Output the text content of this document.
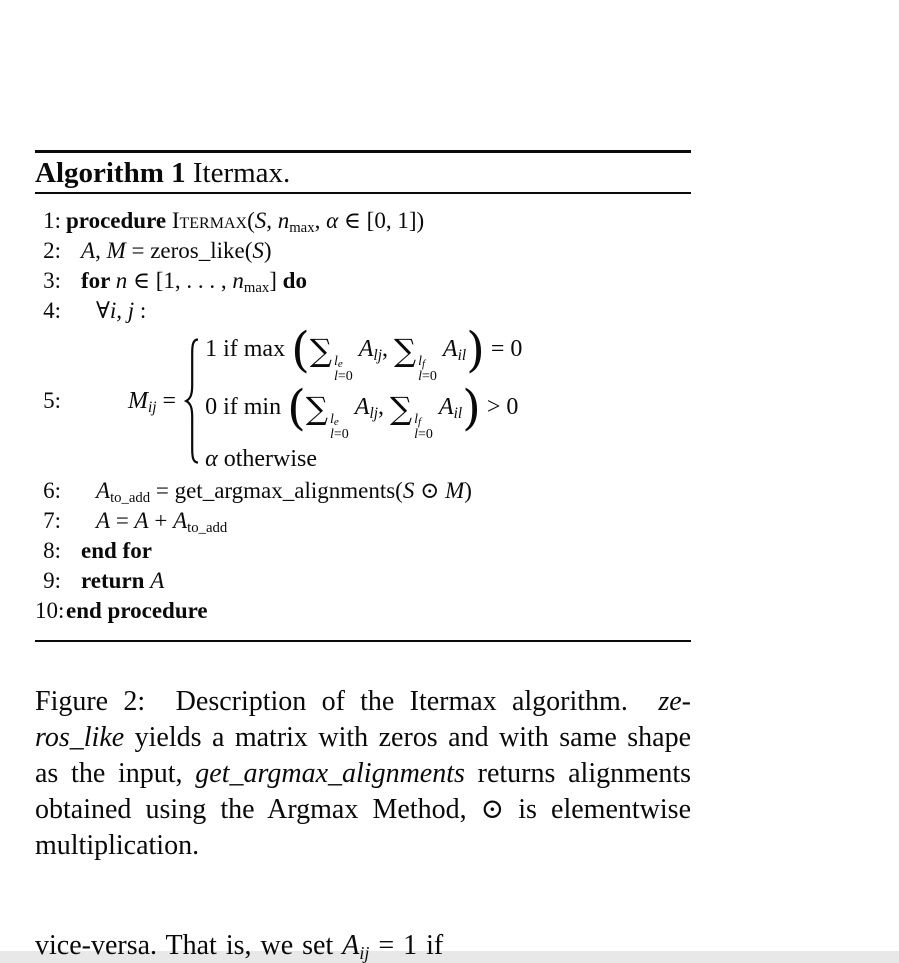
Algorithm 1 Itermax.
1: procedure Itermax(S, $n_{max}$, α ∈ [0, 1])
2: A, M = zeros_like(S)
3: for n ∈ [1, . . . , $n_{max}$] do
4:	∀i, j :
5:	$M_{ij}$ =
1 if max (∑ $l_e$
l=0
$A_{lj}$, ∑ $l_f$
l=0
$A_{il}) = 0$
0 if min (∑ $l_e$
l=0
$A_{lj}$, ∑ $l_f$
l=0
$A_{il}) > 0$
α otherwise
6:	$A_{to\_add}$ = get_argmax_alignments(S ⊙ M)
7:	$A = A + A_{to\_add}$
8: end for
9: return A
10: end procedure
Figure 2:  Description of the Itermax algorithm.  ze-
ros_like yields a matrix with zeros and with same shape
as the input, get_argmax_alignments returns alignments
obtained using the Argmax Method, ⊙ is elementwise
multiplication.
vice-versa. That is, we set $A_{ij} = 1$ if
